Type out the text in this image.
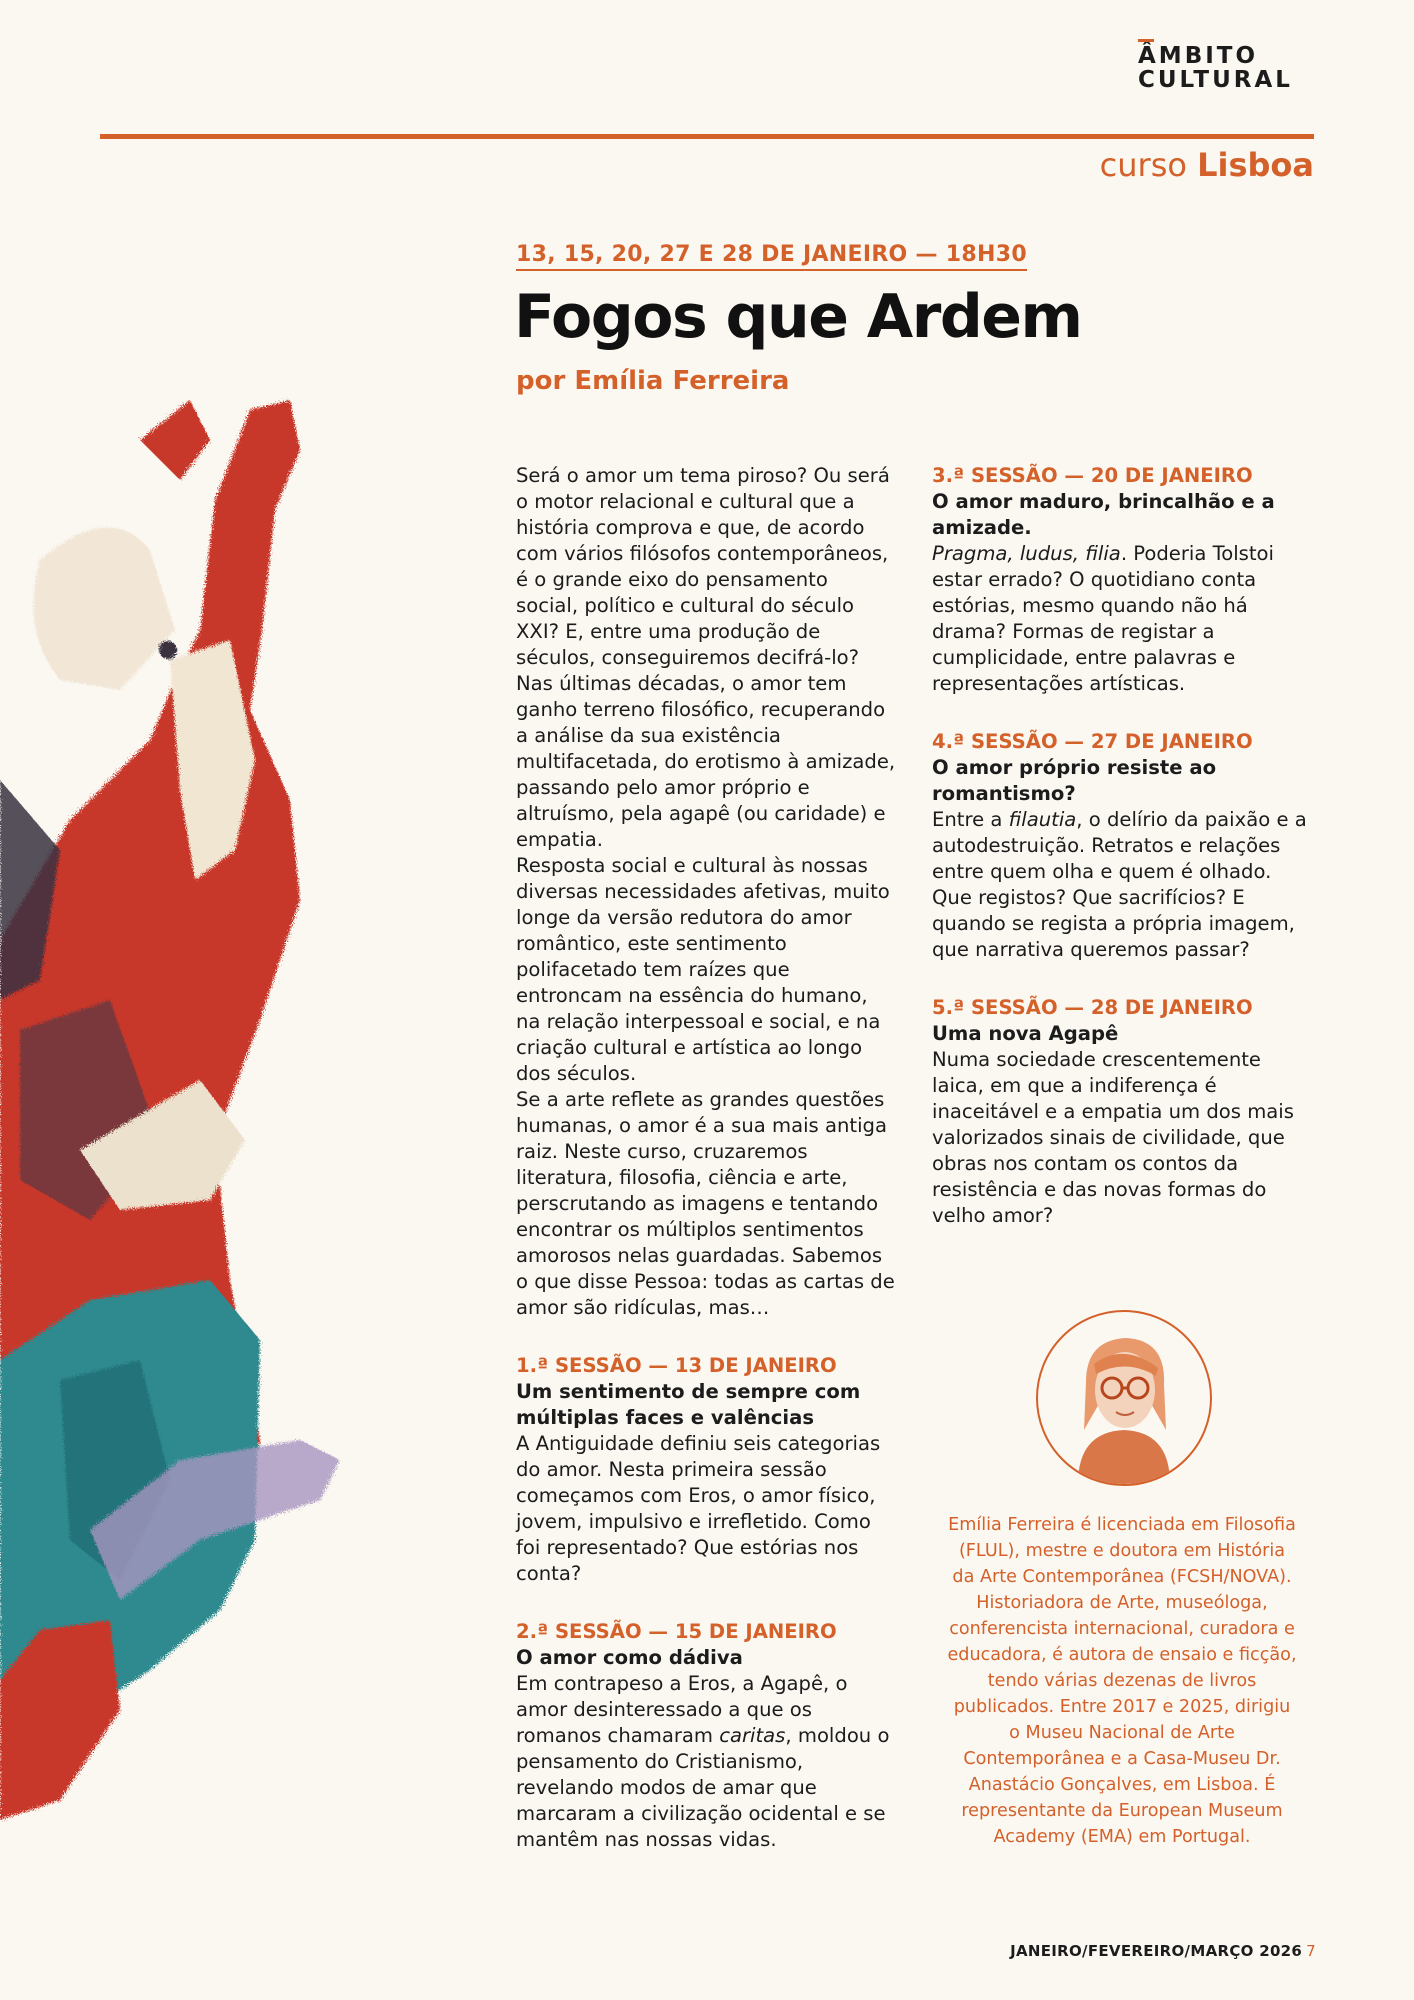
ÂMBITO
CULTURAL
curso Lisboa
13, 15, 20, 27 E 28 DE JANEIRO — 18H30
Fogos que Ardem
por Emília Ferreira

Será o amor um tema piroso? Ou será o motor relacional e cultural que a história comprova e que, de acordo com vários filósofos contemporâneos, é o grande eixo do pensamento social, político e cultural do século XXI? E, entre uma produção de séculos, conseguiremos decifrá-lo?

Nas últimas décadas, o amor tem ganho terreno filosófico, recuperando a análise da sua existência multifacetada, do erotismo à amizade, passando pelo amor próprio e altruísmo, pela agapê (ou caridade) e empatia.

Resposta social e cultural às nossas diversas necessidades afetivas, muito longe da versão redutora do amor romântico, este sentimento polifacetado tem raízes que entroncam na essência do humano, na relação interpessoal e social, e na criação cultural e artística ao longo dos séculos.

Se a arte reflete as grandes questões humanas, o amor é a sua mais antiga raiz. Neste curso, cruzaremos literatura, filosofia, ciência e arte, perscrutando as imagens e tentando encontrar os múltiplos sentimentos amorosos nelas guardadas. Sabemos o que disse Pessoa: todas as cartas de amor são ridículas, mas…

1.ª SESSÃO — 13 DE JANEIRO

Um sentimento de sempre com múltiplas faces e valências

A Antiguidade definiu seis categorias do amor. Nesta primeira sessão começamos com Eros, o amor físico, jovem, impulsivo e irrefletido. Como foi representado? Que estórias nos conta?

2.ª SESSÃO — 15 DE JANEIRO

O amor como dádiva

Em contrapeso a Eros, a Agapê, o amor desinteressado a que os romanos chamaram caritas, moldou o pensamento do Cristianismo, revelando modos de amar que marcaram a civilização ocidental e se mantêm nas nossas vidas.

3.ª SESSÃO — 20 DE JANEIRO

O amor maduro, brincalhão e a amizade.

Pragma, ludus, filia. Poderia Tolstoi estar errado? O quotidiano conta estórias, mesmo quando não há drama? Formas de registar a cumplicidade, entre palavras e representações artísticas.

4.ª SESSÃO — 27 DE JANEIRO

O amor próprio resiste ao romantismo?

Entre a filautia, o delírio da paixão e a autodestruição. Retratos e relações entre quem olha e quem é olhado. Que registos? Que sacrifícios? E quando se regista a própria imagem, que narrativa queremos passar?

5.ª SESSÃO — 28 DE JANEIRO

Uma nova Agapê

Numa sociedade crescentemente laica, em que a indiferença é inaceitável e a empatia um dos mais valorizados sinais de civilidade, que obras nos contam os contos da resistência e das novas formas do velho amor?

Emília Ferreira é licenciada em Filosofia (FLUL), mestre e doutora em História da Arte Contemporânea (FCSH/NOVA). Historiadora de Arte, museóloga, conferencista internacional, curadora e educadora, é autora de ensaio e ficção, tendo várias dezenas de livros publicados. Entre 2017 e 2025, dirigiu o Museu Nacional de Arte Contemporânea e a Casa-Museu Dr. Anastácio Gonçalves, em Lisboa. É representante da European Museum Academy (EMA) em Portugal.
JANEIRO/FEVEREIRO/MARÇO 2026 7
